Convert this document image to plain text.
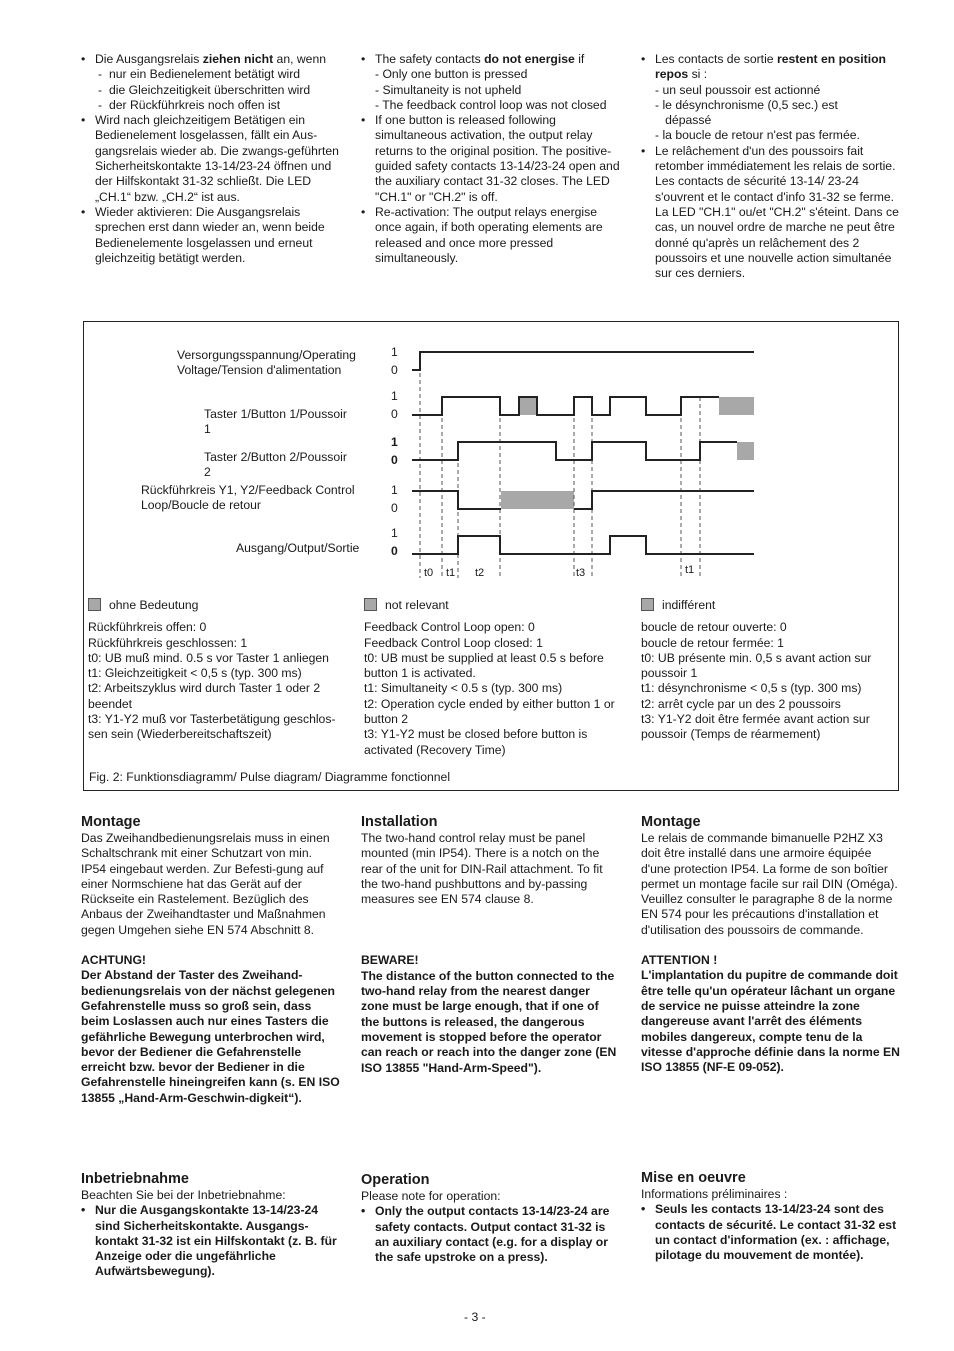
• Die Ausgangsrelais ziehen nicht an, wenn
- nur ein Bedienelement betätigt wird
- die Gleichzeitigkeit überschritten wird
- der Rückführkreis noch offen ist
• Wird nach gleichzeitigem Betätigen ein Bedienelement losgelassen, fällt ein Aus-gangsrelais wieder ab. Die zwangs-geführten Sicherheitskontakte 13-14/23-24 öffnen und der Hilfskontakt 31-32 schließt. Die LED „CH.1“ bzw. „CH.2“ ist aus.
• Wieder aktivieren: Die Ausgangsrelais sprechen erst dann wieder an, wenn beide Bedienelemente losgelassen und erneut gleichzeitig betätigt werden.
• The safety contacts do not energise if
- Only one button is pressed
- Simultaneity is not upheld
- The feedback control loop was not closed
• If one button is released following simultaneous activation, the output relay returns to the original position. The positive-guided safety contacts 13-14/23-24 open and the auxiliary contact 31-32 closes. The LED "CH.1" or "CH.2" is off.
• Re-activation: The output relays energise once again, if both operating elements are released and once more pressed simultaneously.
• Les contacts de sortie restent en position repos si :
- un seul poussoir est actionné
- le désynchronisme (0,5 sec.) est
dépassé
- la boucle de retour n'est pas fermée.
• Le relâchement d'un des poussoirs fait retomber immédiatement les relais de sortie. Les contacts de sécurité 13-14/ 23-24 s'ouvrent et le contact d'info 31-32 se ferme. La LED "CH.1" ou/et "CH.2" s'éteint. Dans ce cas, un nouvel ordre de marche ne peut être donné qu'après un relâchement des 2 poussoirs et une nouvelle action simultanée sur ces derniers.
Versorgungsspannung/Operating
Voltage/Tension d'alimentation
Taster 1/Button 1/Poussoir
1
Taster 2/Button 2/Poussoir
2
Rückführkreis Y1, Y2/Feedback Control
Loop/Boucle de retour
Ausgang/Output/Sortie
1
0
1
0
1
0
1
0
1
0
t0 t1 t2	t3	t1
ohne Bedeutung
Rückführkreis offen: 0
Rückführkreis geschlossen: 1
t0: UB muß mind. 0.5 s vor Taster 1 anliegen
t1: Gleichzeitigkeit < 0,5 s (typ. 300 ms)
t2: Arbeitszyklus wird durch Taster 1 oder 2 beendet
t3: Y1-Y2 muß vor Tasterbetätigung geschlos-sen sein (Wiederbereitschaftszeit)
not relevant
Feedback Control Loop open: 0
Feedback Control Loop closed: 1
t0: UB must be supplied at least 0.5 s before button 1 is activated.
t1: Simultaneity < 0.5 s (typ. 300 ms)
t2: Operation cycle ended by either button 1 or button 2
t3: Y1-Y2 must be closed before button is activated (Recovery Time)
indifférent
boucle de retour ouverte: 0
boucle de retour fermée: 1
t0: UB présente min. 0,5 s avant action sur poussoir 1
t1: désynchronisme < 0,5 s (typ. 300 ms)
t2: arrêt cycle par un des 2 poussoirs
t3: Y1-Y2 doit être fermée avant action sur poussoir (Temps de réarmement)
Fig. 2: Funktionsdiagramm/ Pulse diagram/ Diagramme fonctionnel
Montage

Das Zweihandbedienungsrelais muss in einen Schaltschrank mit einer Schutzart von min. IP54 eingebaut werden. Zur Befesti-gung auf einer Normschiene hat das Gerät auf der Rückseite ein Rastelement. Bezüglich des Anbaus der Zweihandtaster und Maßnahmen gegen Umgehen siehe EN 574 Abschnitt 8.

ACHTUNG!
Der Abstand der Taster des Zweihand-bedienungsrelais von der nächst gelegenen Gefahrenstelle muss so groß sein, dass beim Loslassen auch nur eines Tasters die gefährliche Bewegung unterbrochen wird, bevor der Bediener die Gefahrenstelle erreicht bzw. bevor der Bediener in die Gefahrenstelle hineingreifen kann (s. EN ISO 13855 „Hand-Arm-Geschwin-digkeit“).
Installation

The two-hand control relay must be panel mounted (min IP54). There is a notch on the rear of the unit for DIN-Rail attachment. To fit the two-hand pushbuttons and by-passing measures see EN 574 clause 8.

BEWARE!
The distance of the button connected to the two-hand relay from the nearest danger zone must be large enough, that if one of the buttons is released, the dangerous movement is stopped before the operator can reach or reach into the danger zone (EN ISO 13855 "Hand-Arm-Speed").
Montage

Le relais de commande bimanuelle P2HZ X3 doit être installé dans une armoire équipée d'une protection IP54. La forme de son boîtier permet un montage facile sur rail DIN (Oméga).

Veuillez consulter le paragraphe 8 de la norme EN 574 pour les précautions d'installation et d'utilisation des poussoirs de commande.

ATTENTION !
L'implantation du pupitre de commande doit être telle qu'un opérateur lâchant un organe de service ne puisse atteindre la zone dangereuse avant l'arrêt des éléments mobiles dangereux, compte tenu de la vitesse d'approche définie dans la norme EN ISO 13855 (NF-E 09-052).
Inbetriebnahme
Beachten Sie bei der Inbetriebnahme:
• Nur die Ausgangskontakte 13-14/23-24 sind Sicherheitskontakte. Ausgangs-kontakt 31-32 ist ein Hilfskontakt (z. B. für Anzeige oder die ungefährliche Aufwärtsbewegung).
Operation
Please note for operation:
• Only the output contacts 13-14/23-24 are safety contacts. Output contact 31-32 is an auxiliary contact (e.g. for a display or the safe upstroke on a press).
Mise en oeuvre
Informations préliminaires :
• Seuls les contacts 13-14/23-24 sont des contacts de sécurité. Le contact 31-32 est un contact d'information (ex. : affichage, pilotage du mouvement de montée).
- 3 -
